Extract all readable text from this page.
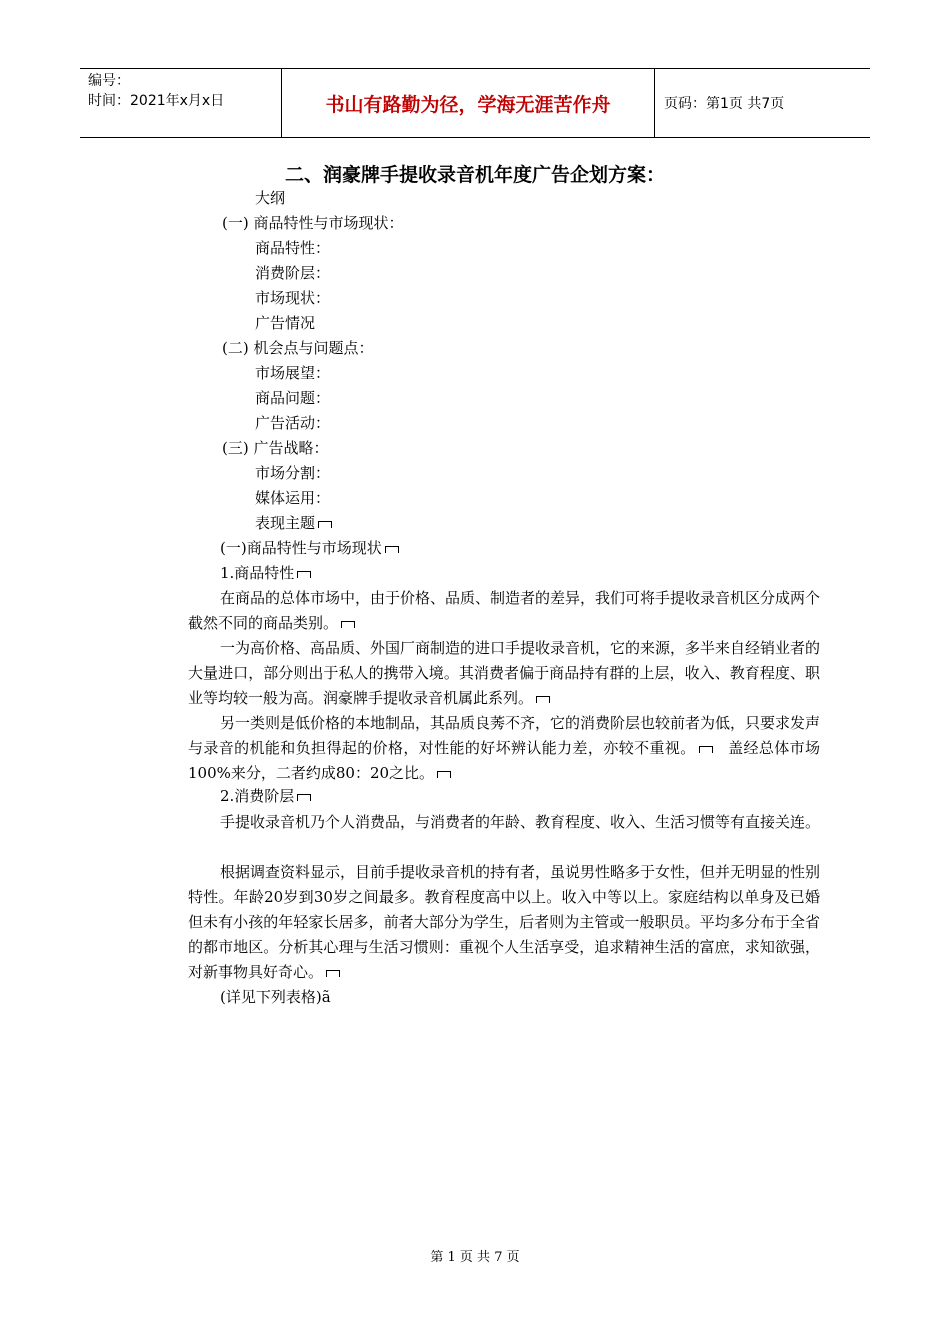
编号：
时间：2021年x月x日	书山有路勤为径，学海无涯苦作舟	页码：第1页 共7页
二、润豪牌手提收录音机年度广告企划方案：
大纲
(一) 商品特性与市场现状：
商品特性：
消费阶层：
市场现状：
广告情况
(二) 机会点与问题点：
市场展望：
商品问题：
广告活动：
(三) 广告战略：
市场分割：
媒体运用：
表现主题
(一)商品特性与市场现状
1.商品特性
在商品的总体市场中，由于价格、品质、制造者的差异，我们可将手提收录音机区分成两个截然不同的商品类别。
一为高价格、高品质、外国厂商制造的进口手提收录音机，它的来源，多半来自经销业者的大量进口，部分则出于私人的携带入境。其消费者偏于商品持有群的上层，收入、教育程度、职业等均较一般为高。润豪牌手提收录音机属此系列。
另一类则是低价格的本地制品，其品质良莠不齐，它的消费阶层也较前者为低，只要求发声与录音的机能和负担得起的价格，对性能的好坏辨认能力差，亦较不重视。 盖经总体市场100%来分，二者约成80：20之比。
2.消费阶层
手提收录音机乃个人消费品，与消费者的年龄、教育程度、收入、生活习惯等有直接关连。
根据调查资料显示，目前手提收录音机的持有者，虽说男性略多于女性，但并无明显的性别特性。年龄20岁到30岁之间最多。教育程度高中以上。收入中等以上。家庭结构以单身及已婚但未有小孩的年轻家长居多，前者大部分为学生，后者则为主管或一般职员。平均多分布于全省的都市地区。分析其心理与生活习惯则：重视个人生活享受，追求精神生活的富庶，求知欲强，对新事物具好奇心。
(详见下列表格)ã
第 1 页 共 7 页
